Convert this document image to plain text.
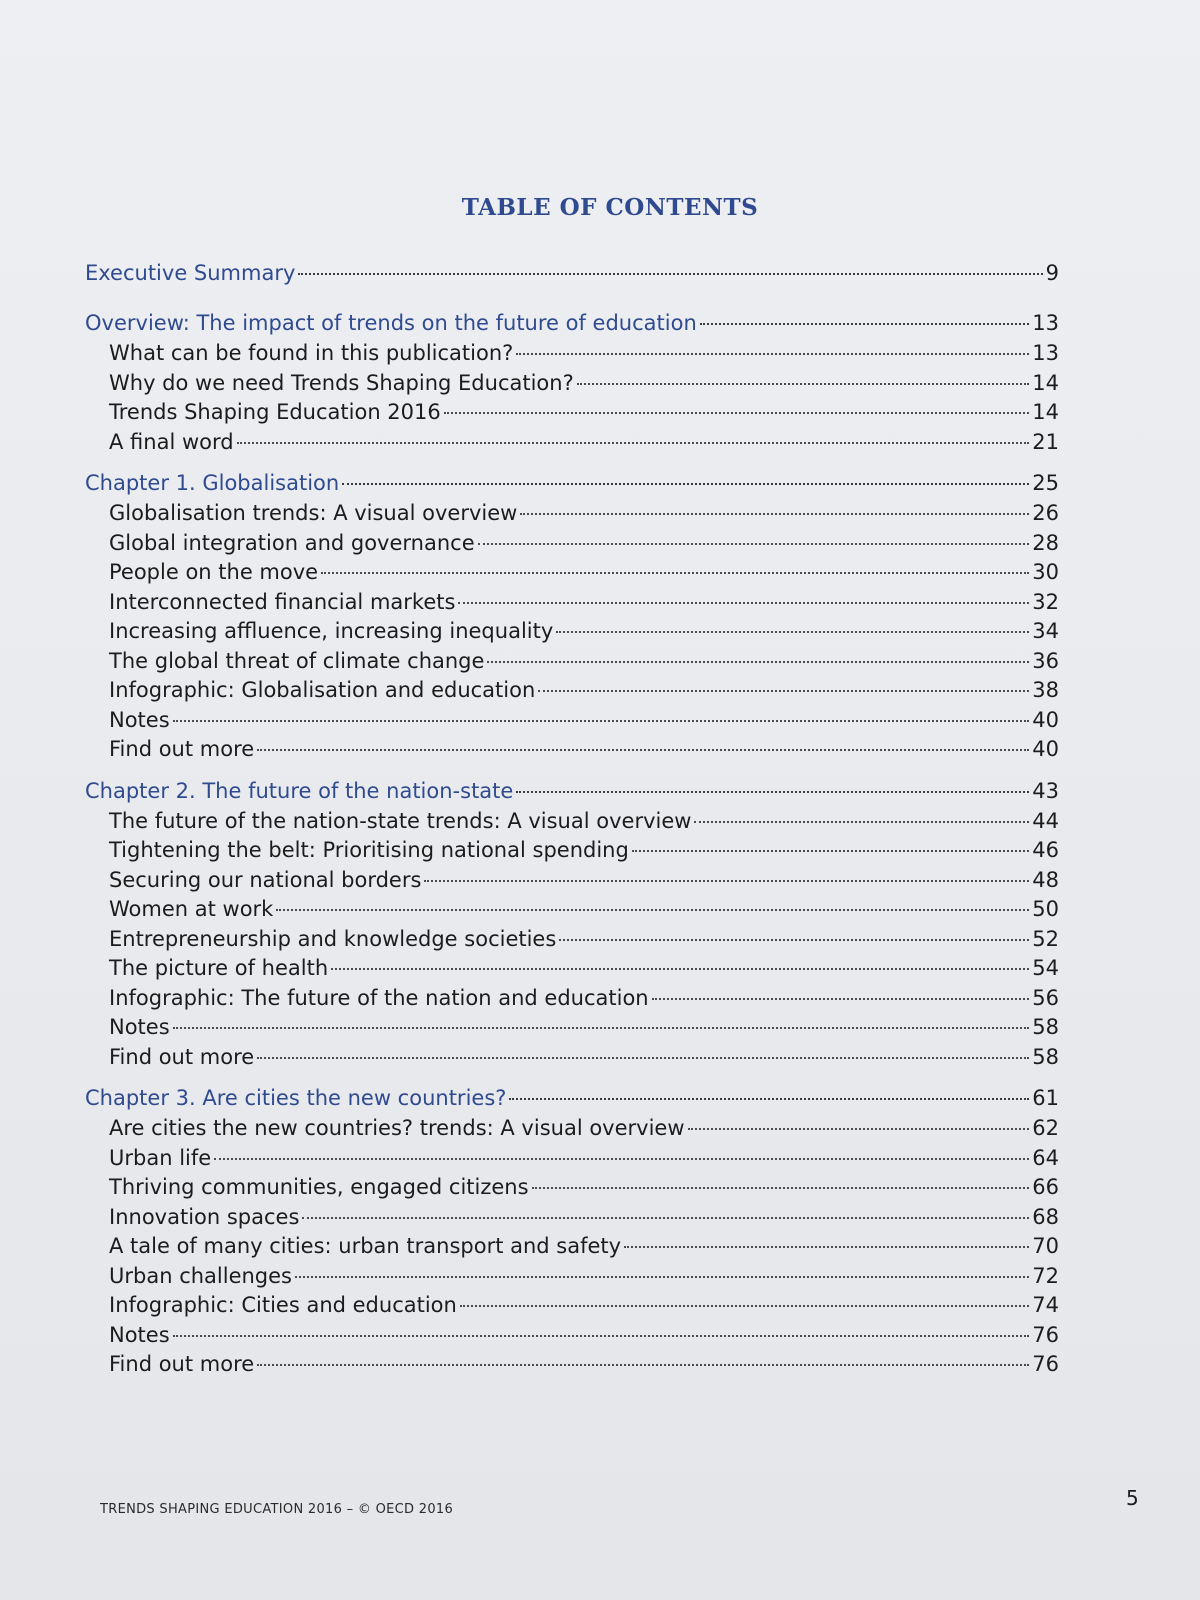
TABLE OF CONTENTS
Executive Summary	9
Overview: The impact of trends on the future of education	13
What can be found in this publication?	13
Why do we need Trends Shaping Education?	14
Trends Shaping Education 2016	14
A final word	21
Chapter 1. Globalisation	25
Globalisation trends: A visual overview	26
Global integration and governance	28
People on the move	30
Interconnected financial markets	32
Increasing affluence, increasing inequality	34
The global threat of climate change	36
Infographic: Globalisation and education	38
Notes	40
Find out more	40
Chapter 2. The future of the nation-state	43
The future of the nation-state trends: A visual overview	44
Tightening the belt: Prioritising national spending	46
Securing our national borders	48
Women at work	50
Entrepreneurship and knowledge societies	52
The picture of health	54
Infographic: The future of the nation and education	56
Notes	58
Find out more	58
Chapter 3. Are cities the new countries?	61
Are cities the new countries? trends: A visual overview	62
Urban life	64
Thriving communities, engaged citizens	66
Innovation spaces	68
A tale of many cities: urban transport and safety	70
Urban challenges	72
Infographic: Cities and education	74
Notes	76
Find out more	76
TRENDS SHAPING EDUCATION 2016 – © OECD 2016	5
